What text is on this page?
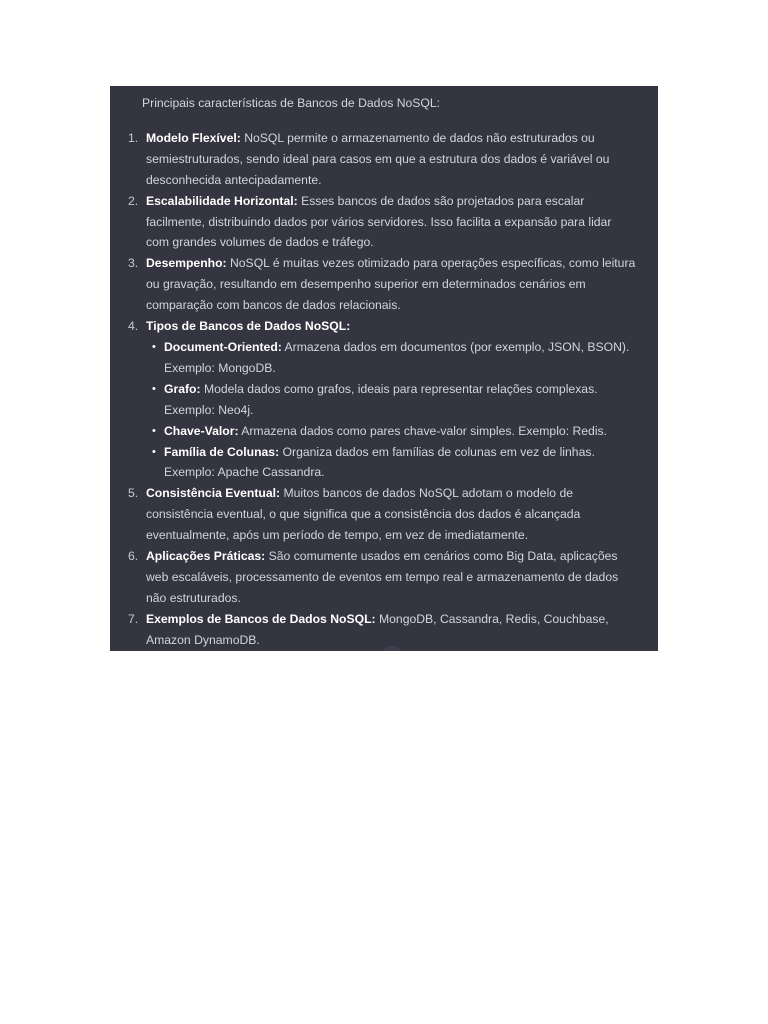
Principais características de Bancos de Dados NoSQL:
1. Modelo Flexível: NoSQL permite o armazenamento de dados não estruturados ou semiestruturados, sendo ideal para casos em que a estrutura dos dados é variável ou desconhecida antecipadamente.
2. Escalabilidade Horizontal: Esses bancos de dados são projetados para escalar facilmente, distribuindo dados por vários servidores. Isso facilita a expansão para lidar com grandes volumes de dados e tráfego.
3. Desempenho: NoSQL é muitas vezes otimizado para operações específicas, como leitura ou gravação, resultando em desempenho superior em determinados cenários em comparação com bancos de dados relacionais.
4. Tipos de Bancos de Dados NoSQL:
• Document-Oriented: Armazena dados em documentos (por exemplo, JSON, BSON). Exemplo: MongoDB.
• Grafo: Modela dados como grafos, ideais para representar relações complexas. Exemplo: Neo4j.
• Chave-Valor: Armazena dados como pares chave-valor simples. Exemplo: Redis.
• Família de Colunas: Organiza dados em famílias de colunas em vez de linhas. Exemplo: Apache Cassandra.
5. Consistência Eventual: Muitos bancos de dados NoSQL adotam o modelo de consistência eventual, o que significa que a consistência dos dados é alcançada eventualmente, após um período de tempo, em vez de imediatamente.
6. Aplicações Práticas: São comumente usados em cenários como Big Data, aplicações web escaláveis, processamento de eventos em tempo real e armazenamento de dados não estruturados.
7. Exemplos de Bancos de Dados NoSQL: MongoDB, Cassandra, Redis, Couchbase, Amazon DynamoDB.
